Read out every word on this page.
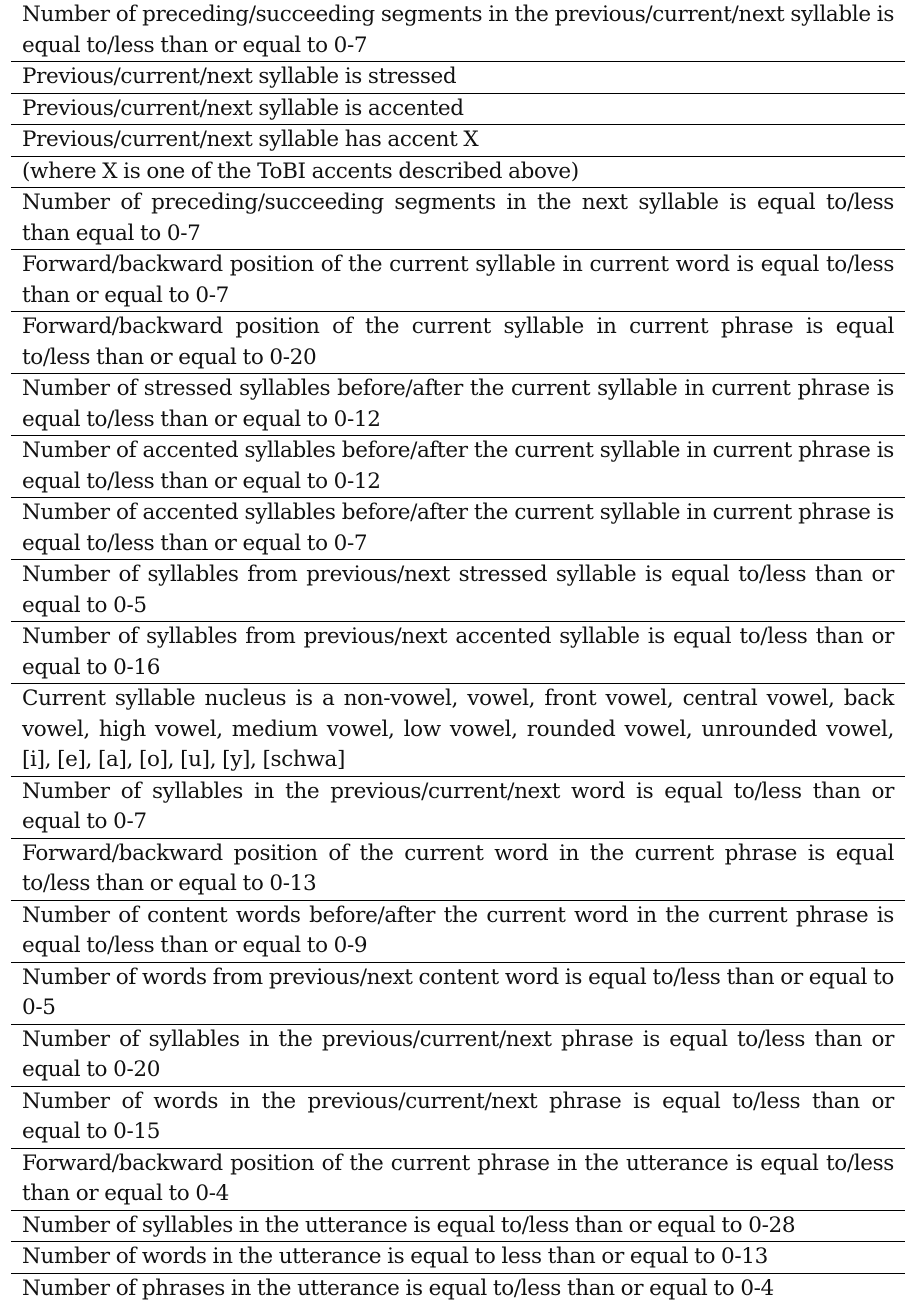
Number of preceding/succeeding segments in the previous/current/next syllable is equal to/less than or equal to 0-7
Previous/current/next syllable is stressed
Previous/current/next syllable is accented
Previous/current/next syllable has accent X
(where X is one of the ToBI accents described above)
Number of preceding/succeeding segments in the next syllable is equal to/less than equal to 0-7
Forward/backward position of the current syllable in current word is equal to/less than or equal to 0-7
Forward/backward position of the current syllable in current phrase is equal to/less than or equal to 0-20
Number of stressed syllables before/after the current syllable in current phrase is equal to/less than or equal to 0-12
Number of accented syllables before/after the current syllable in current phrase is equal to/less than or equal to 0-12
Number of accented syllables before/after the current syllable in current phrase is equal to/less than or equal to 0-7
Number of syllables from previous/next stressed syllable is equal to/less than or equal to 0-5
Number of syllables from previous/next accented syllable is equal to/less than or equal to 0-16
Current syllable nucleus is a non-vowel, vowel, front vowel, central vowel, back vowel, high vowel, medium vowel, low vowel, rounded vowel, unrounded vowel, [i], [e], [a], [o], [u], [y], [schwa]
Number of syllables in the previous/current/next word is equal to/less than or equal to 0-7
Forward/backward position of the current word in the current phrase is equal to/less than or equal to 0-13
Number of content words before/after the current word in the current phrase is equal to/less than or equal to 0-9
Number of words from previous/next content word is equal to/less than or equal to 0-5
Number of syllables in the previous/current/next phrase is equal to/less than or equal to 0-20
Number of words in the previous/current/next phrase is equal to/less than or equal to 0-15
Forward/backward position of the current phrase in the utterance is equal to/less than or equal to 0-4
Number of syllables in the utterance is equal to/less than or equal to 0-28
Number of words in the utterance is equal to less than or equal to 0-13
Number of phrases in the utterance is equal to/less than or equal to 0-4
